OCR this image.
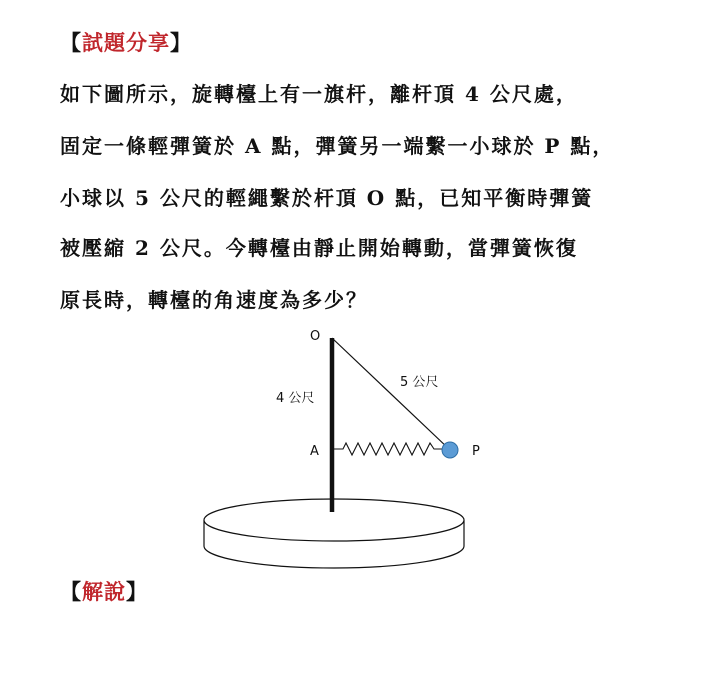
【試題分享】
如下圖所示，旋轉檯上有一旗杆，離杆頂 4 公尺處，
固定一條輕彈簧於 A 點，彈簧另一端繫一小球於 P 點，
小球以 5 公尺的輕繩繫於杆頂 O 點，已知平衡時彈簧
被壓縮 2 公尺。今轉檯由靜止開始轉動，當彈簧恢復
原長時，轉檯的角速度為多少？
O
A	P
4 公尺
5 公尺
【解說】
